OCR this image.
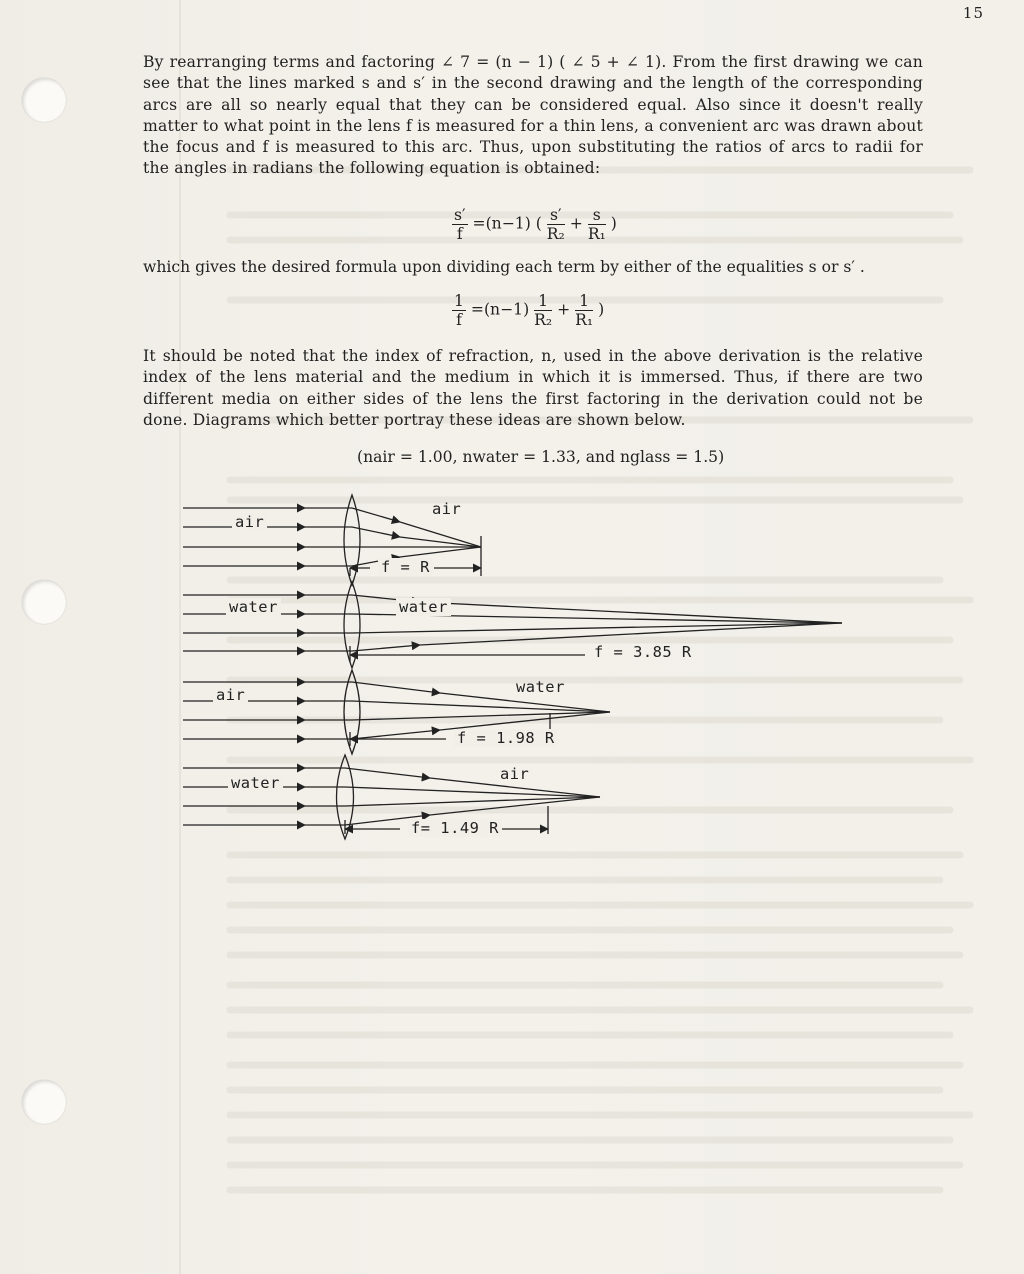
15

By rearranging terms and factoring ∠ 7 = (n − 1) ( ∠ 5 + ∠ 1). From the first drawing we can see that the lines marked s and s′ in the second drawing and the length of the corresponding arcs are all so nearly equal that they can be considered equal. Also since it doesn't really matter to what point in the lens f is measured for a thin lens, a convenient arc was drawn about the focus and f is measured to this arc. Thus, upon substituting the ratios of arcs to radii for the angles in radians the following equation is obtained:

$\frac{s'}{f} =(n-1)$ ( $\frac{s'}{\text{R₂}} + \frac{s}{\text{R₁}}$ )
which gives the desired formula upon dividing each term by either of the equalities s or s′ .
$\frac{1}{f} =(n-1) \frac{1}{\text{R₂}} + \frac{1}{\text{R₁}}$ )

It should be noted that the index of refraction, n, used in the above derivation is the relative index of the lens material and the medium in which it is immersed. Thus, if there are two different media on either sides of the lens the first factoring in the derivation could not be done. Diagrams which better portray these ideas are shown below.

(nair = 1.00, nwater = 1.33, and nglass = 1.5)
air
air
f = R
water	water
f = 3.85 R
air	water
f = 1.98 R
water	air
f= 1.49 R
